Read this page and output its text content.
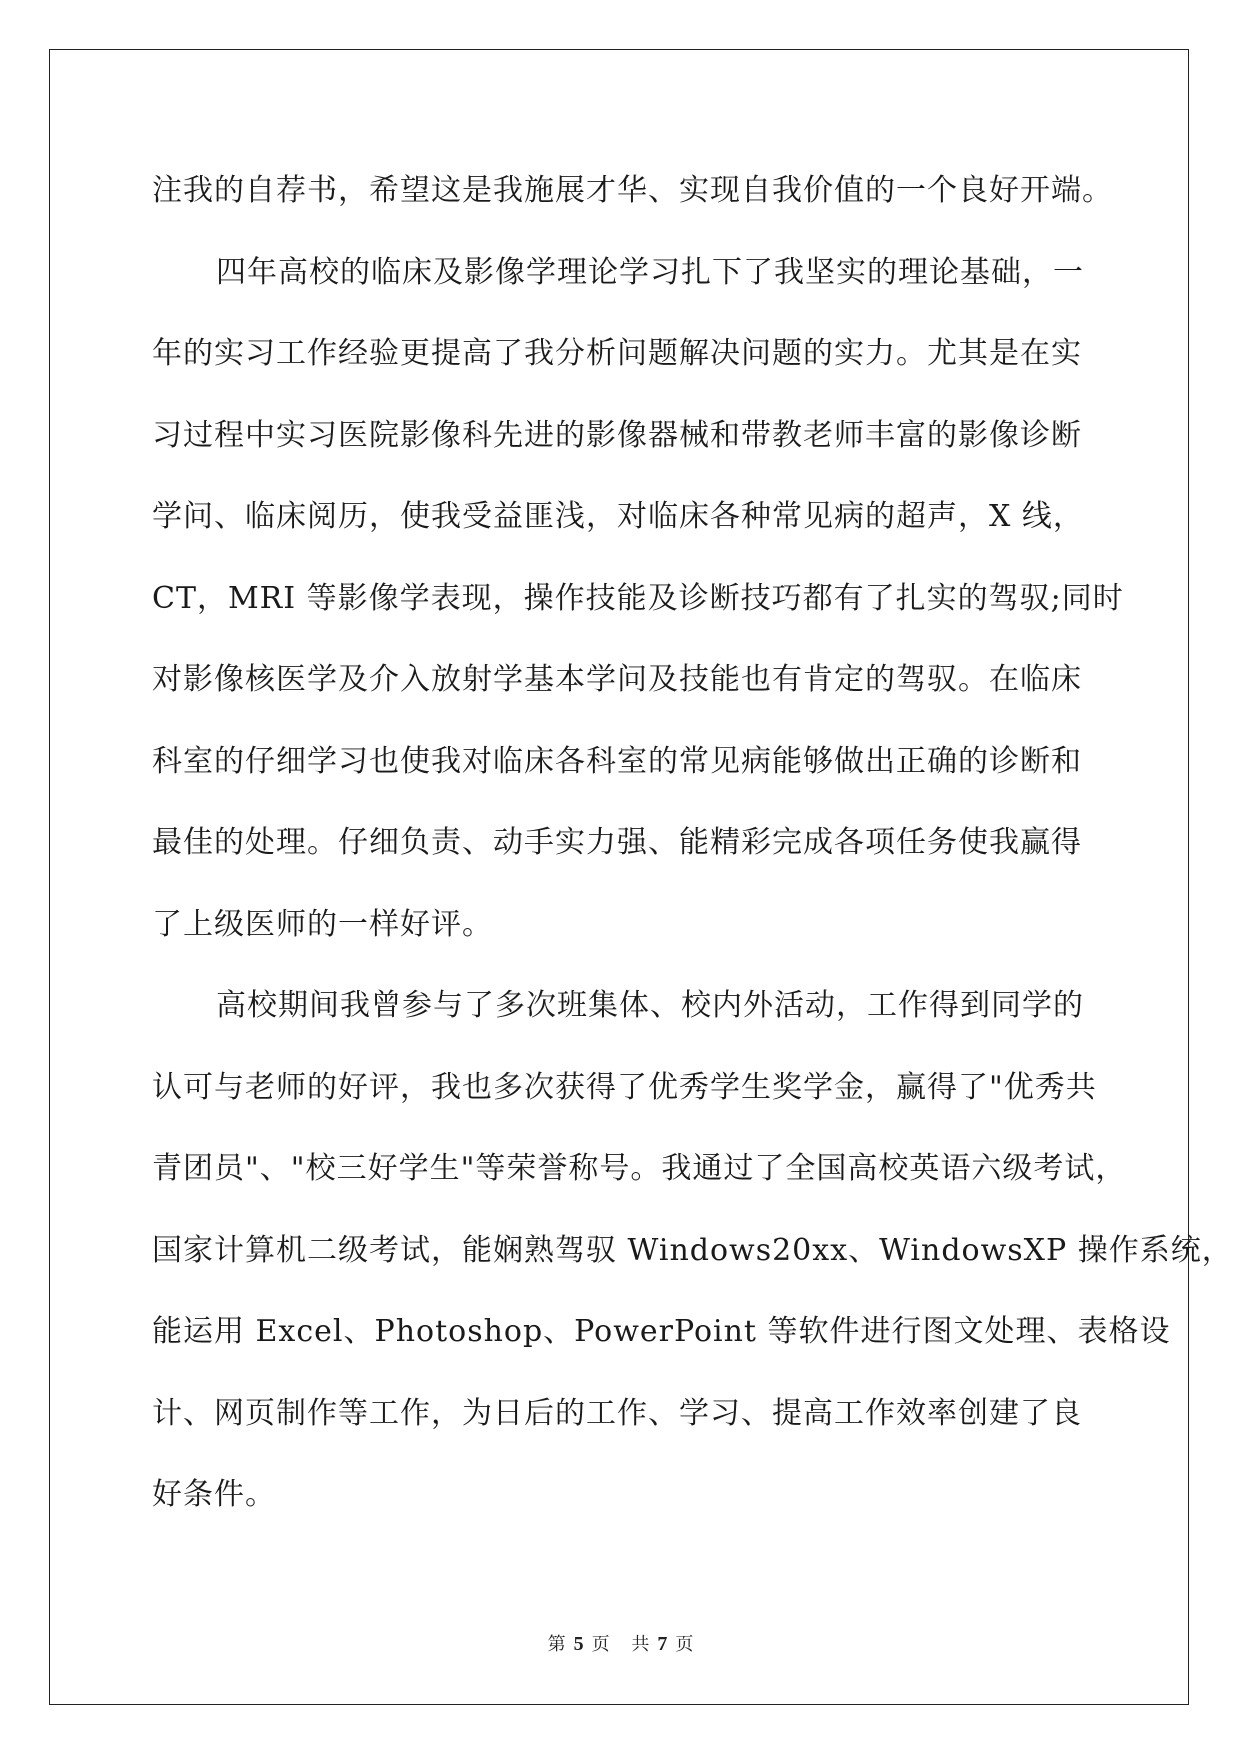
注我的自荐书，希望这是我施展才华、实现自我价值的一个良好开端。
四年高校的临床及影像学理论学习扎下了我坚实的理论基础，一
年的实习工作经验更提高了我分析问题解决问题的实力。尤其是在实
习过程中实习医院影像科先进的影像器械和带教老师丰富的影像诊断
学问、临床阅历，使我受益匪浅，对临床各种常见病的超声，X 线，
CT，MRI 等影像学表现，操作技能及诊断技巧都有了扎实的驾驭;同时
对影像核医学及介入放射学基本学问及技能也有肯定的驾驭。在临床
科室的仔细学习也使我对临床各科室的常见病能够做出正确的诊断和
最佳的处理。仔细负责、动手实力强、能精彩完成各项任务使我赢得
了上级医师的一样好评。
高校期间我曾参与了多次班集体、校内外活动，工作得到同学的
认可与老师的好评，我也多次获得了优秀学生奖学金，赢得了"优秀共
青团员"、"校三好学生"等荣誉称号。我通过了全国高校英语六级考试，
国家计算机二级考试，能娴熟驾驭 Windows20xx、WindowsXP 操作系统，
能运用 Excel、Photoshop、PowerPoint 等软件进行图文处理、表格设
计、网页制作等工作，为日后的工作、学习、提高工作效率创建了良
好条件。
第 5 页 共 7 页
